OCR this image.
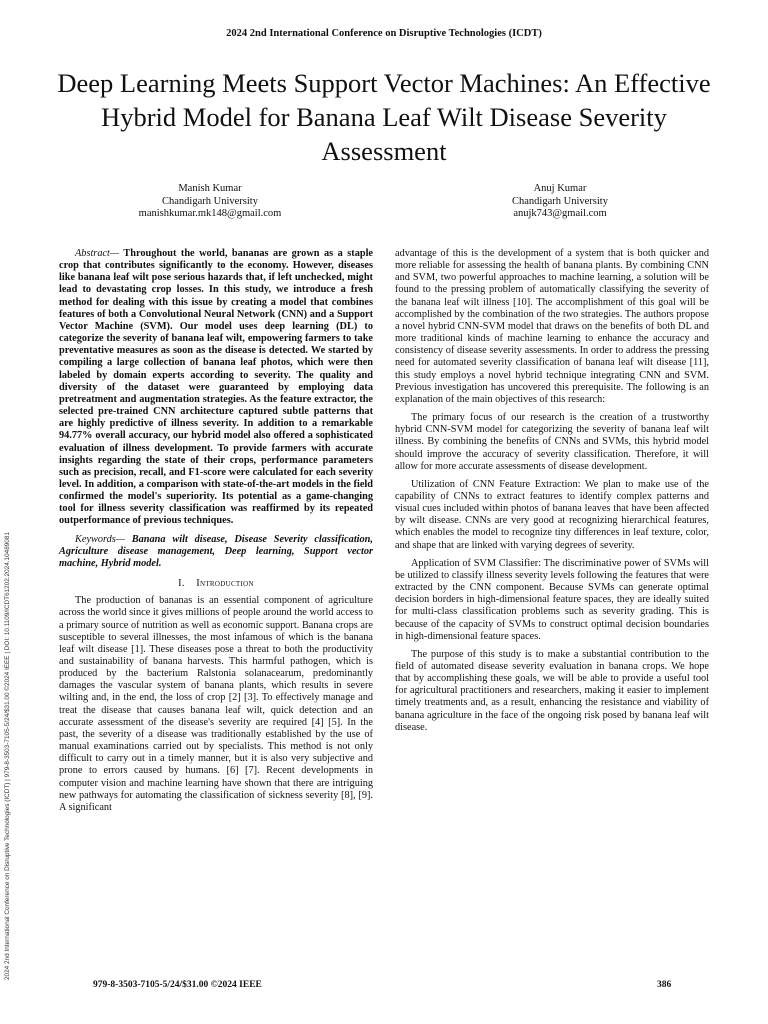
2024 2nd International Conference on Disruptive Technologies (ICDT) | 979-8-3503-7105-5/24/$31.00 ©2024 IEEE | DOI: 10.1109/ICDT61202.2024.10489081
2024 2nd International Conference on Disruptive Technologies (ICDT)
Deep Learning Meets Support Vector Machines: An Effective Hybrid Model for Banana Leaf Wilt Disease Severity Assessment
Manish Kumar
Chandigarh University
manishkumar.mk148@gmail.com
Anuj Kumar
Chandigarh University
anujk743@gmail.com

Abstract— Throughout the world, bananas are grown as a staple crop that contributes significantly to the economy. However, diseases like banana leaf wilt pose serious hazards that, if left unchecked, might lead to devastating crop losses. In this study, we introduce a fresh method for dealing with this issue by creating a model that combines features of both a Convolutional Neural Network (CNN) and a Support Vector Machine (SVM). Our model uses deep learning (DL) to categorize the severity of banana leaf wilt, empowering farmers to take preventative measures as soon as the disease is detected. We started by compiling a large collection of banana leaf photos, which were then labeled by domain experts according to severity. The quality and diversity of the dataset were guaranteed by employing data pretreatment and augmentation strategies. As the feature extractor, the selected pre-trained CNN architecture captured subtle patterns that are highly predictive of illness severity. In addition to a remarkable 94.77% overall accuracy, our hybrid model also offered a sophisticated evaluation of illness development. To provide farmers with accurate insights regarding the state of their crops, performance parameters such as precision, recall, and F1-score were calculated for each severity level. In addition, a comparison with state-of-the-art models in the field confirmed the model's superiority. Its potential as a game-changing tool for illness severity classification was reaffirmed by its repeated outperformance of previous techniques.

Keywords— Banana wilt disease, Disease Severity classification, Agriculture disease management, Deep learning, Support vector machine, Hybrid model.

I. Introduction

The production of bananas is an essential component of agriculture across the world since it gives millions of people around the world access to a primary source of nutrition as well as economic support. Banana crops are susceptible to several illnesses, the most infamous of which is the banana leaf wilt disease [1]. These diseases pose a threat to both the productivity and sustainability of banana harvests. This harmful pathogen, which is produced by the bacterium Ralstonia solanacearum, predominantly damages the vascular system of banana plants, which results in severe wilting and, in the end, the loss of crop [2] [3]. To effectively manage and treat the disease that causes banana leaf wilt, quick detection and an accurate assessment of the disease's severity are required [4] [5]. In the past, the severity of a disease was traditionally established by the use of manual examinations carried out by specialists. This method is not only difficult to carry out in a timely manner, but it is also very subjective and prone to errors caused by humans. [6] [7]. Recent developments in computer vision and machine learning have shown that there are intriguing new pathways for automating the classification of sickness severity [8], [9]. A significant

advantage of this is the development of a system that is both quicker and more reliable for assessing the health of banana plants. By combining CNN and SVM, two powerful approaches to machine learning, a solution will be found to the pressing problem of automatically classifying the severity of the banana leaf wilt illness [10]. The accomplishment of this goal will be accomplished by the combination of the two strategies. The authors propose a novel hybrid CNN-SVM model that draws on the benefits of both DL and more traditional kinds of machine learning to enhance the accuracy and consistency of disease severity assessments. In order to address the pressing need for automated severity classification of banana leaf wilt disease [11], this study employs a novel hybrid technique integrating CNN and SVM. Previous investigation has uncovered this prerequisite. The following is an explanation of the main objectives of this research:

The primary focus of our research is the creation of a trustworthy hybrid CNN-SVM model for categorizing the severity of banana leaf wilt illness. By combining the benefits of CNNs and SVMs, this hybrid model should improve the accuracy of severity classification. Therefore, it will allow for more accurate assessments of disease development.

Utilization of CNN Feature Extraction: We plan to make use of the capability of CNNs to extract features to identify complex patterns and visual cues included within photos of banana leaves that have been affected by wilt disease. CNNs are very good at recognizing hierarchical features, which enables the model to recognize tiny differences in leaf texture, color, and shape that are linked with varying degrees of severity.

Application of SVM Classifier: The discriminative power of SVMs will be utilized to classify illness severity levels following the features that were extracted by the CNN component. Because SVMs can generate optimal decision borders in high-dimensional feature spaces, they are ideally suited for multi-class classification problems such as severity grading. This is because of the capacity of SVMs to construct optimal decision boundaries in high-dimensional feature spaces.

The purpose of this study is to make a substantial contribution to the field of automated disease severity evaluation in banana crops. We hope that by accomplishing these goals, we will be able to provide a useful tool for agricultural practitioners and researchers, making it easier to implement timely treatments and, as a result, enhancing the resistance and viability of banana agriculture in the face of the ongoing risk posed by banana leaf wilt disease.

979-8-3503-7105-5/24/$31.00 ©2024 IEEE	386
